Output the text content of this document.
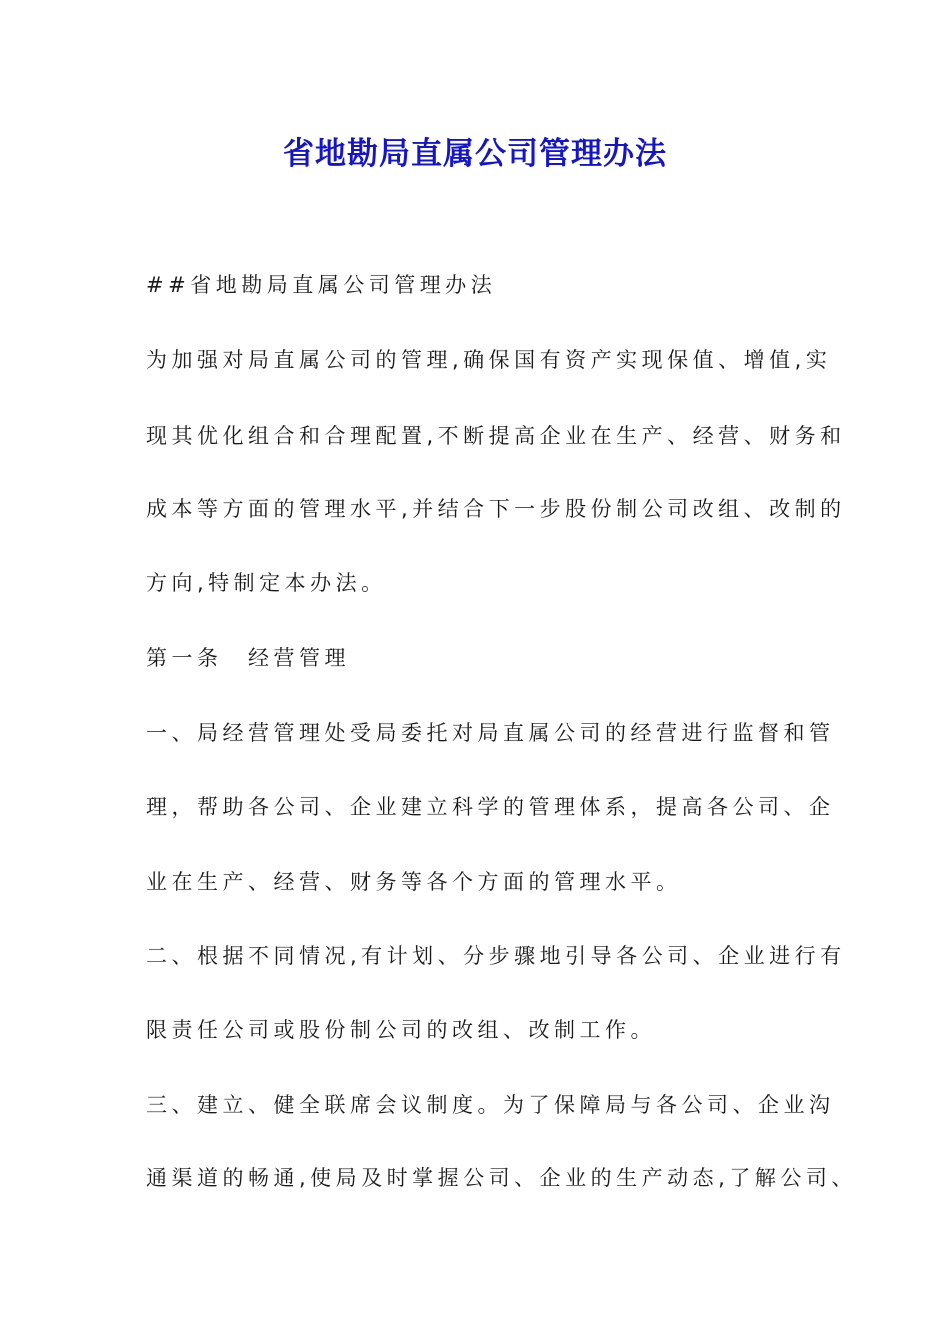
省地勘局直属公司管理办法

##省地勘局直属公司管理办法

为加强对局直属公司的管理,确保国有资产实现保值、增值,实

现其优化组合和合理配置,不断提高企业在生产、经营、财务和

成本等方面的管理水平,并结合下一步股份制公司改组、改制的

方向,特制定本办法。

第一条　经营管理

一、局经营管理处受局委托对局直属公司的经营进行监督和管

理，帮助各公司、企业建立科学的管理体系，提高各公司、企

业在生产、经营、财务等各个方面的管理水平。

二、根据不同情况,有计划、分步骤地引导各公司、企业进行有

限责任公司或股份制公司的改组、改制工作。

三、建立、健全联席会议制度。为了保障局与各公司、企业沟

通渠道的畅通,使局及时掌握公司、企业的生产动态,了解公司、
